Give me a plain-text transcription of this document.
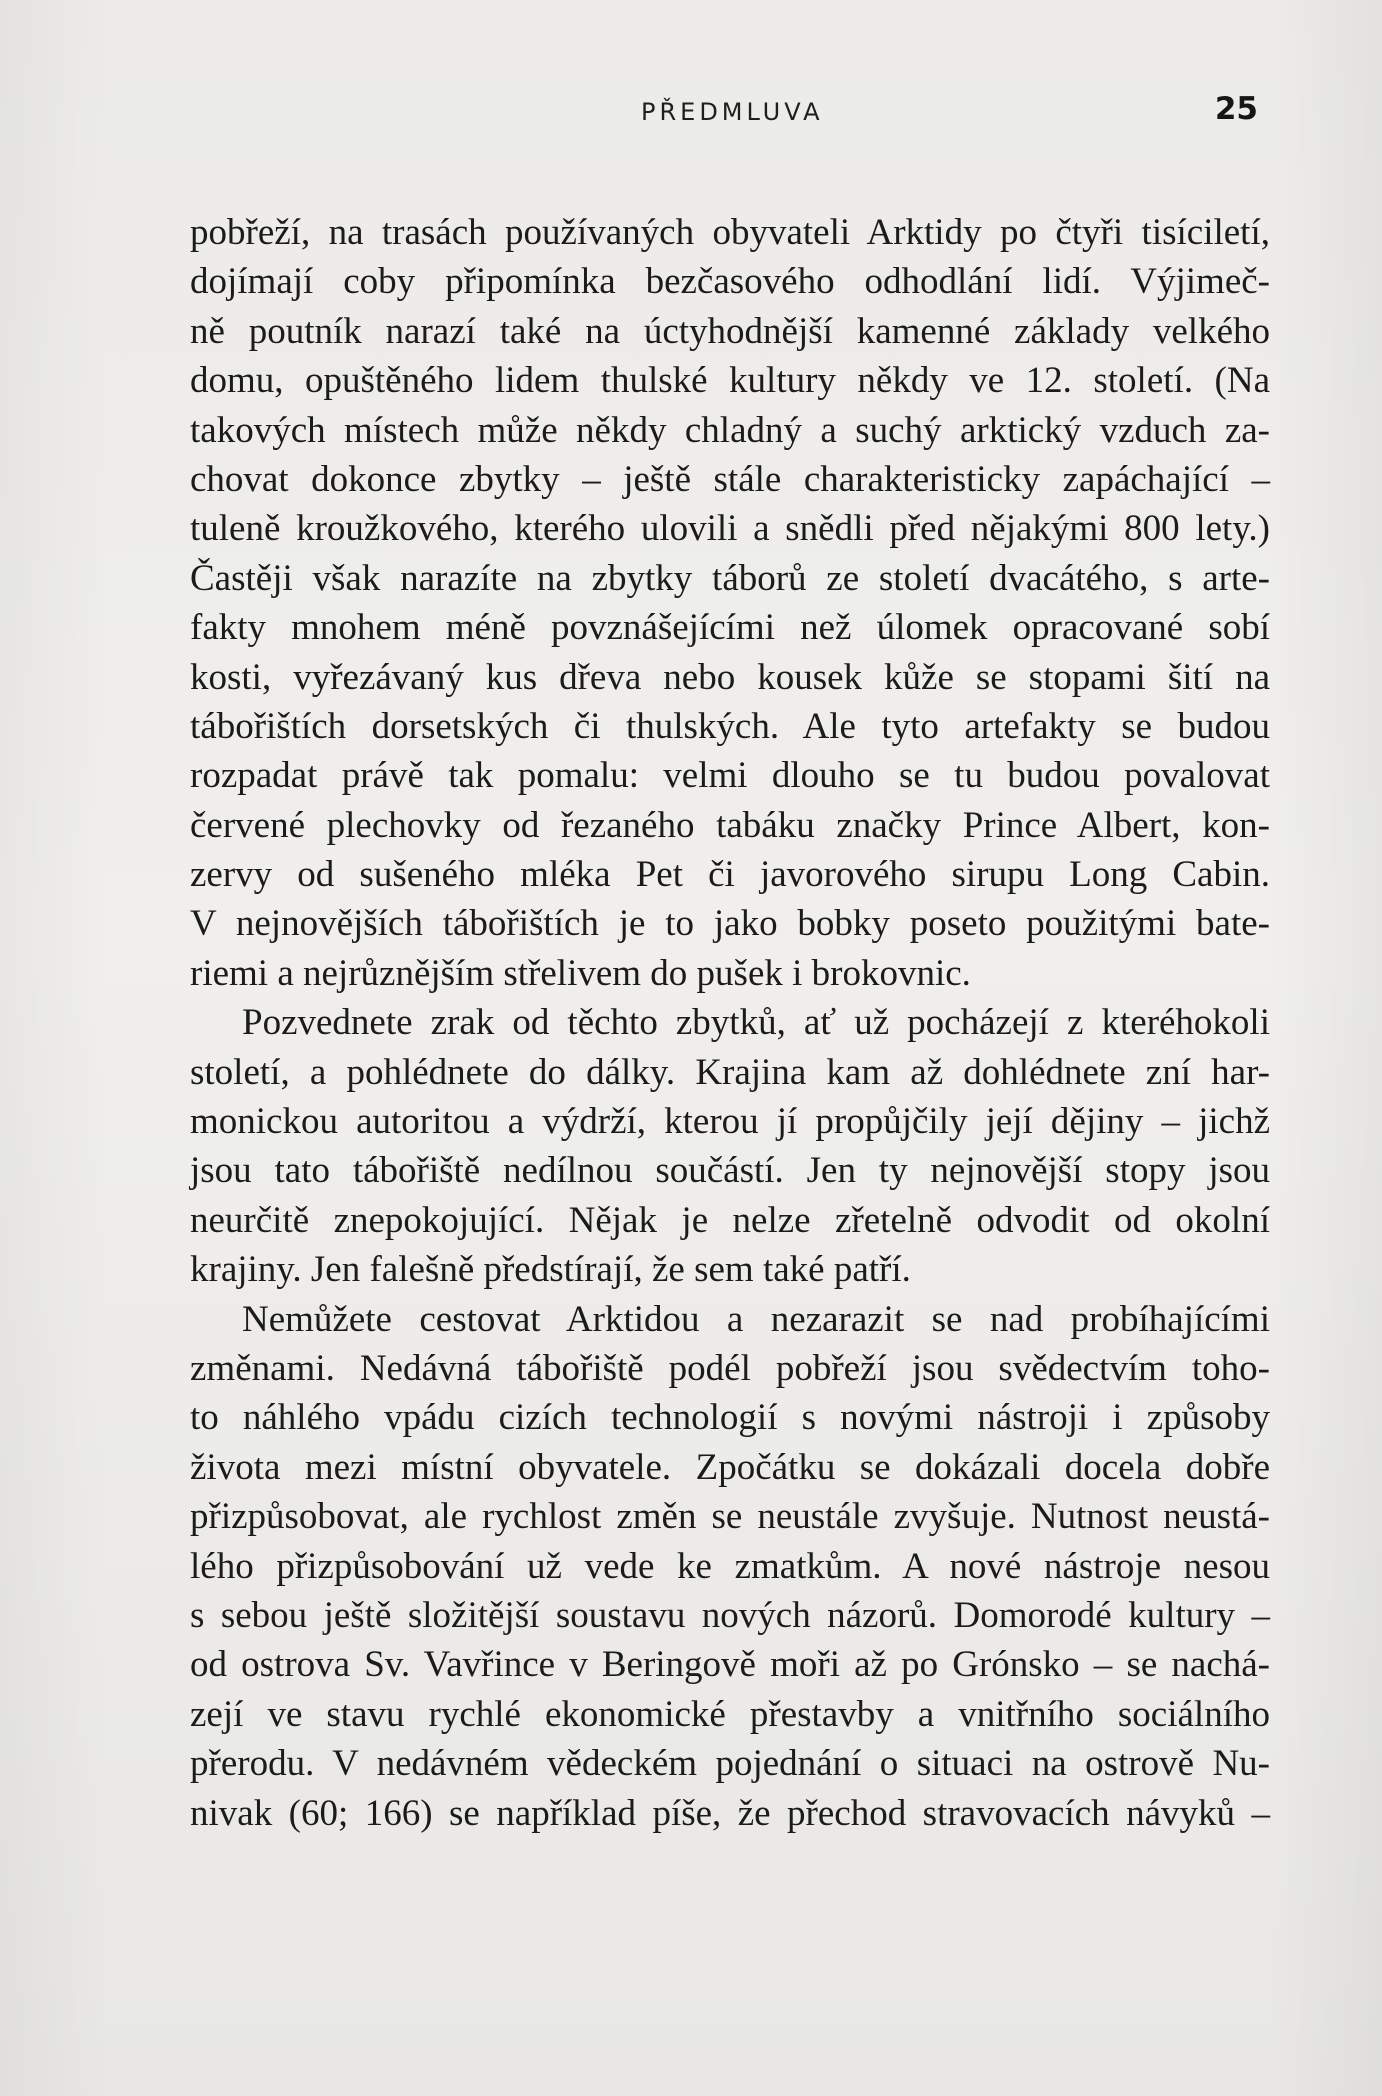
PŘEDMLUVA	25
pobřeží, na trasách používaných obyvateli Arktidy po čtyři tisíciletí,
dojímají coby připomínka bezčasového odhodlání lidí. Výjimeč-
ně poutník narazí také na úctyhodnější kamenné základy velkého
domu, opuštěného lidem thulské kultury někdy ve 12. století. (Na
takových místech může někdy chladný a suchý arktický vzduch za-
chovat dokonce zbytky – ještě stále charakteristicky zapáchající –
tuleně kroužkového, kterého ulovili a snědli před nějakými 800 lety.)
Častěji však narazíte na zbytky táborů ze století dvacátého, s arte-
fakty mnohem méně povznášejícími než úlomek opracované sobí
kosti, vyřezávaný kus dřeva nebo kousek kůže se stopami šití na
tábořištích dorsetských či thulských. Ale tyto artefakty se budou
rozpadat právě tak pomalu: velmi dlouho se tu budou povalovat
červené plechovky od řezaného tabáku značky Prince Albert, kon-
zervy od sušeného mléka Pet či javorového sirupu Long Cabin.
V nejnovějších tábořištích je to jako bobky poseto použitými bate-
riemi a nejrůznějším střelivem do pušek i brokovnic.
Pozvednete zrak od těchto zbytků, ať už pocházejí z kteréhokoli
století, a pohlédnete do dálky. Krajina kam až dohlédnete zní har-
monickou autoritou a výdrží, kterou jí propůjčily její dějiny – jichž
jsou tato tábořiště nedílnou součástí. Jen ty nejnovější stopy jsou
neurčitě znepokojující. Nějak je nelze zřetelně odvodit od okolní
krajiny. Jen falešně předstírají, že sem také patří.
Nemůžete cestovat Arktidou a nezarazit se nad probíhajícími
změnami. Nedávná tábořiště podél pobřeží jsou svědectvím toho-
to náhlého vpádu cizích technologií s novými nástroji i způsoby
života mezi místní obyvatele. Zpočátku se dokázali docela dobře
přizpůsobovat, ale rychlost změn se neustále zvyšuje. Nutnost neustá-
lého přizpůsobování už vede ke zmatkům. A nové nástroje nesou
s sebou ještě složitější soustavu nových názorů. Domorodé kultury –
od ostrova Sv. Vavřince v Beringově moři až po Grónsko – se nachá-
zejí ve stavu rychlé ekonomické přestavby a vnitřního sociálního
přerodu. V nedávném vědeckém pojednání o situaci na ostrově Nu-
nivak (60; 166) se například píše, že přechod stravovacích návyků –
